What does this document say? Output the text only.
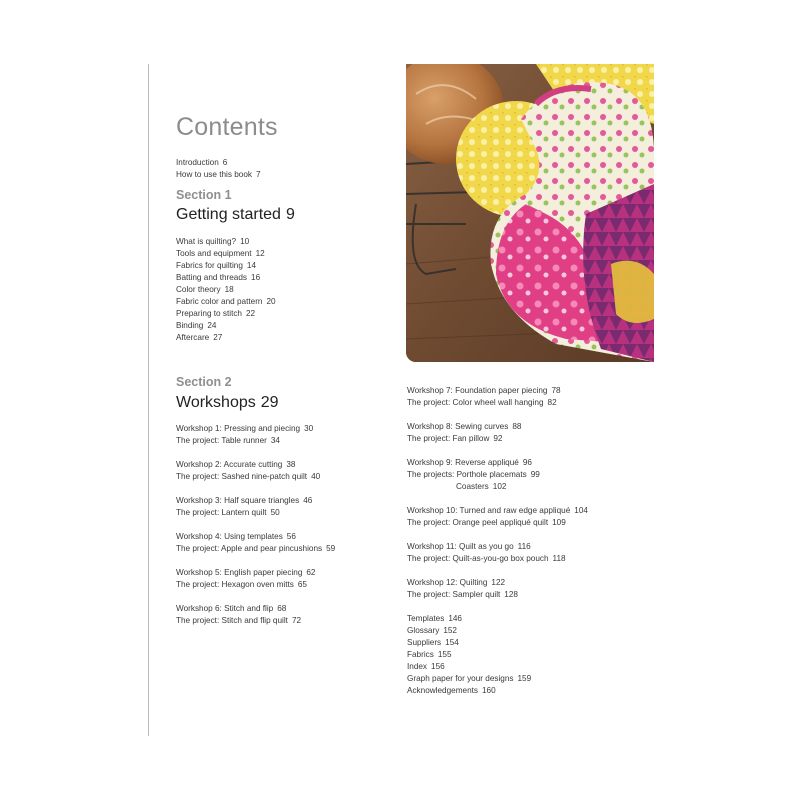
Contents
Introduction 6
How to use this book 7
Section 1
Getting started 9
What is quilting? 10
Tools and equipment 12
Fabrics for quilting 14
Batting and threads 16
Color theory 18
Fabric color and pattern 20
Preparing to stitch 22
Binding 24
Aftercare 27
Section 2
Workshops 29
Workshop 1: Pressing and piecing 30
The project: Table runner 34
Workshop 2: Accurate cutting 38
The project: Sashed nine-patch quilt 40
Workshop 3: Half square triangles 46
The project: Lantern quilt 50
Workshop 4: Using templates 56
The project: Apple and pear pincushions 59
Workshop 5: English paper piecing 62
The project: Hexagon oven mitts 65
Workshop 6: Stitch and flip 68
The project: Stitch and flip quilt 72
Workshop 7: Foundation paper piecing 78
The project: Color wheel wall hanging 82
Workshop 8: Sewing curves 88
The project: Fan pillow 92
Workshop 9: Reverse appliqué 96
The projects: Porthole placemats 99
Coasters 102
Workshop 10: Turned and raw edge appliqué 104
The project: Orange peel appliqué quilt 109
Workshop 11: Quilt as you go 116
The project: Quilt-as-you-go box pouch 118
Workshop 12: Quilting 122
The project: Sampler quilt 128
Templates 146
Glossary 152
Suppliers 154
Fabrics 155
Index 156
Graph paper for your designs 159
Acknowledgements 160
